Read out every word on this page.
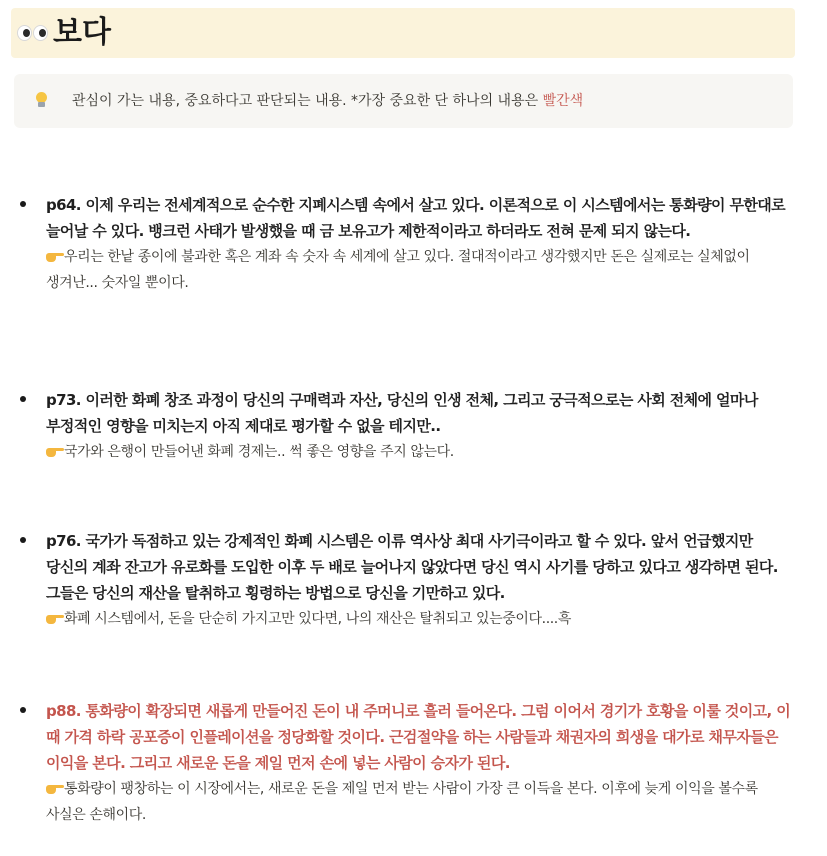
보다
관심이 가는 내용, 중요하다고 판단되는 내용. *가장 중요한 단 하나의 내용은 빨간색

p64. 이제 우리는 전세계적으로 순수한 지폐시스템 속에서 살고 있다. 이론적으로 이 시스템에서는 통화량이 무한대로 늘어날 수 있다. 뱅크런 사태가 발생했을 때 금 보유고가 제한적이라고 하더라도 전혀 문제 되지 않는다.

우리는 한낱 종이에 불과한 혹은 계좌 속 숫자 속 세계에 살고 있다. 절대적이라고 생각했지만 돈은 실제로는 실체없이 생겨난... 숫자일 뿐이다.

p73. 이러한 화폐 창조 과정이 당신의 구매력과 자산, 당신의 인생 전체, 그리고 궁극적으로는 사회 전체에 얼마나 부정적인 영향을 미치는지 아직 제대로 평가할 수 없을 테지만..

국가와 은행이 만들어낸 화폐 경제는.. 썩 좋은 영향을 주지 않는다.

p76. 국가가 독점하고 있는 강제적인 화폐 시스템은 이류 역사상 최대 사기극이라고 할 수 있다. 앞서 언급했지만 당신의 계좌 잔고가 유로화를 도입한 이후 두 배로 늘어나지 않았다면 당신 역시 사기를 당하고 있다고 생각하면 된다. 그들은 당신의 재산을 탈취하고 횡령하는 방법으로 당신을 기만하고 있다.

화폐 시스템에서, 돈을 단순히 가지고만 있다면, 나의 재산은 탈취되고 있는중이다....흑

p88. 통화량이 확장되면 새롭게 만들어진 돈이 내 주머니로 흘러 들어온다. 그럼 이어서 경기가 호황을 이룰 것이고, 이 때 가격 하락 공포증이 인플레이션을 정당화할 것이다. 근검절약을 하는 사람들과 채권자의 희생을 대가로 채무자들은 이익을 본다. 그리고 새로운 돈을 제일 먼저 손에 넣는 사람이 승자가 된다.

통화량이 팽창하는 이 시장에서는, 새로운 돈을 제일 먼저 받는 사람이 가장 큰 이득을 본다. 이후에 늦게 이익을 볼수록 사실은 손해이다.
